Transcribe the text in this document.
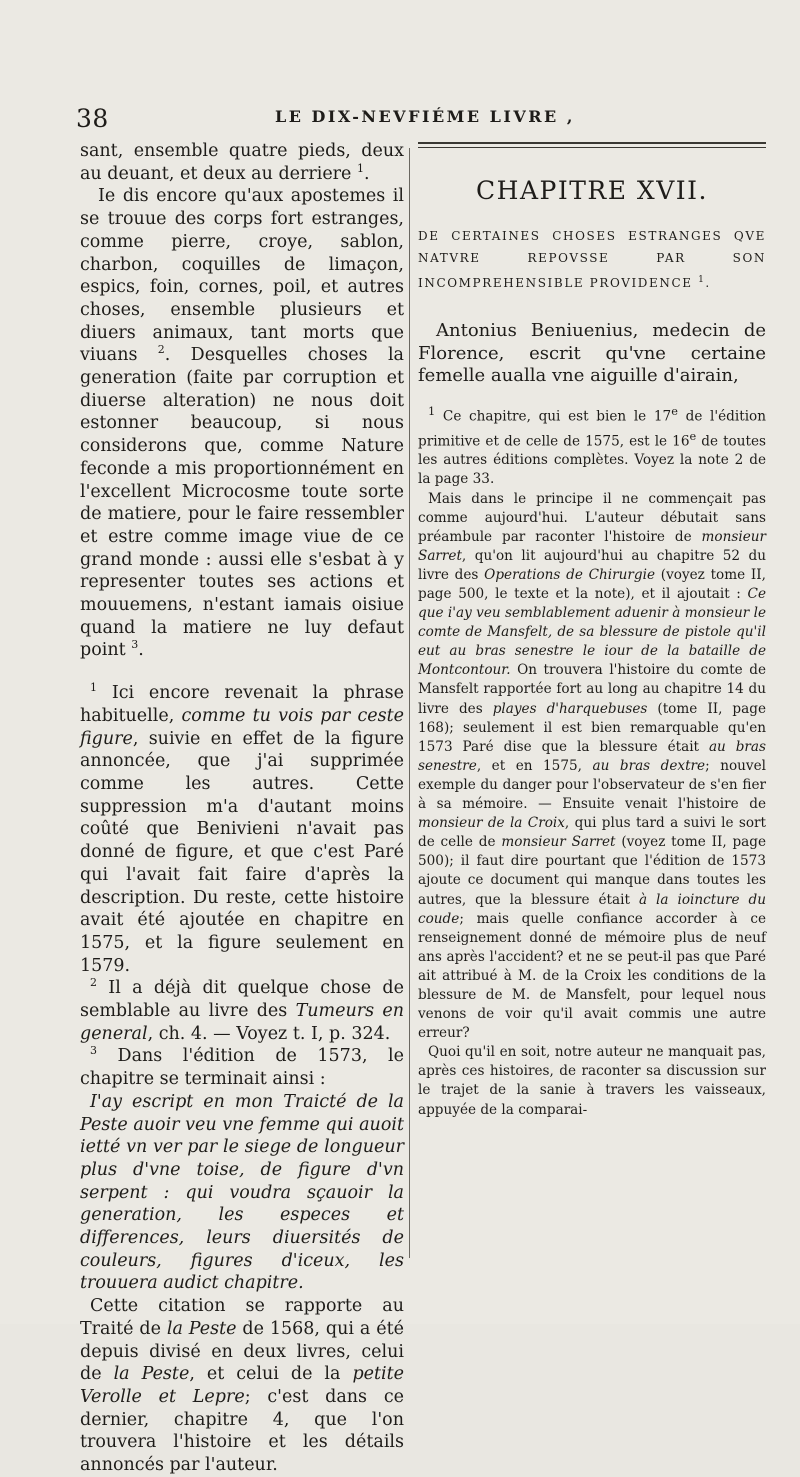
38	LE DIX-NEVFIÉME LIVRE ,

sant, ensemble quatre pieds, deux au deuant, et deux au derriere $^1$.

Ie dis encore qu'aux apostemes il se trouue des corps fort estranges, comme pierre, croye, sablon, charbon, coquilles de limaçon, espics, foin, cornes, poil, et autres choses, ensemble plusieurs et diuers animaux, tant morts que viuans $^2$. Desquelles choses la generation (faite par corruption et diuerse alteration) ne nous doit estonner beaucoup, si nous considerons que, comme Nature feconde a mis proportionnément en l'excellent Microcosme toute sorte de matiere, pour le faire ressembler et estre comme image viue de ce grand monde : aussi elle s'esbat à y representer toutes ses actions et mouuemens, n'estant iamais oisiue quand la matiere ne luy defaut point $^3$.

$^1$ Ici encore revenait la phrase habituelle, comme tu vois par ceste figure, suivie en effet de la figure annoncée, que j'ai supprimée comme les autres. Cette suppression m'a d'autant moins coûté que Benivieni n'avait pas donné de figure, et que c'est Paré qui l'avait fait faire d'après la description. Du reste, cette histoire avait été ajoutée en chapitre en 1575, et la figure seulement en 1579.

$^2$ Il a déjà dit quelque chose de semblable au livre des Tumeurs en general, ch. 4. — Voyez t. I, p. 324.

$^3$ Dans l'édition de 1573, le chapitre se terminait ainsi :

I'ay escript en mon Traicté de la Peste auoir veu vne femme qui auoit ietté vn ver par le siege de longueur plus d'vne toise, de figure d'vn serpent : qui voudra sçauoir la generation, les especes et differences, leurs diuersités de couleurs, figures d'iceux, les trouuera audict chapitre.

Cette citation se rapporte au Traité de la Peste de 1568, qui a été depuis divisé en deux livres, celui de la Peste, et celui de la petite Verolle et Lepre; c'est dans ce dernier, chapitre 4, que l'on trouvera l'histoire et les détails annoncés par l'auteur.

CHAPITRE XVII.
DE CERTAINES CHOSES ESTRANGES QVE NATVRE REPOVSSE PAR SON INCOMPREHENSIBLE PROVIDENCE $^1$.

Antonius Beniuenius, medecin de Florence, escrit qu'vne certaine femelle aualla vne aiguille d'airain,

$^1$ Ce chapitre, qui est bien le 17e de l'édition primitive et de celle de 1575, est le 16e de toutes les autres éditions complètes. Voyez la note 2 de la page 33.

Mais dans le principe il ne commençait pas comme aujourd'hui. L'auteur débutait sans préambule par raconter l'histoire de monsieur Sarret, qu'on lit aujourd'hui au chapitre 52 du livre des Operations de Chirurgie (voyez tome II, page 500, le texte et la note), et il ajoutait : Ce que i'ay veu semblablement aduenir à monsieur le comte de Mansfelt, de sa blessure de pistole qu'il eut au bras senestre le iour de la bataille de Montcontour. On trouvera l'histoire du comte de Mansfelt rapportée fort au long au chapitre 14 du livre des playes d'harquebuses (tome II, page 168); seulement il est bien remarquable qu'en 1573 Paré dise que la blessure était au bras senestre, et en 1575, au bras dextre; nouvel exemple du danger pour l'observateur de s'en fier à sa mémoire. — Ensuite venait l'histoire de monsieur de la Croix, qui plus tard a suivi le sort de celle de monsieur Sarret (voyez tome II, page 500); il faut dire pourtant que l'édition de 1573 ajoute ce document qui manque dans toutes les autres, que la blessure était à la ioincture du coude; mais quelle confiance accorder à ce renseignement donné de mémoire plus de neuf ans après l'accident? et ne se peut-il pas que Paré ait attribué à M. de la Croix les conditions de la blessure de M. de Mansfelt, pour lequel nous venons de voir qu'il avait commis une autre erreur?

Quoi qu'il en soit, notre auteur ne manquait pas, après ces histoires, de raconter sa discussion sur le trajet de la sanie à travers les vaisseaux, appuyée de la comparai-
